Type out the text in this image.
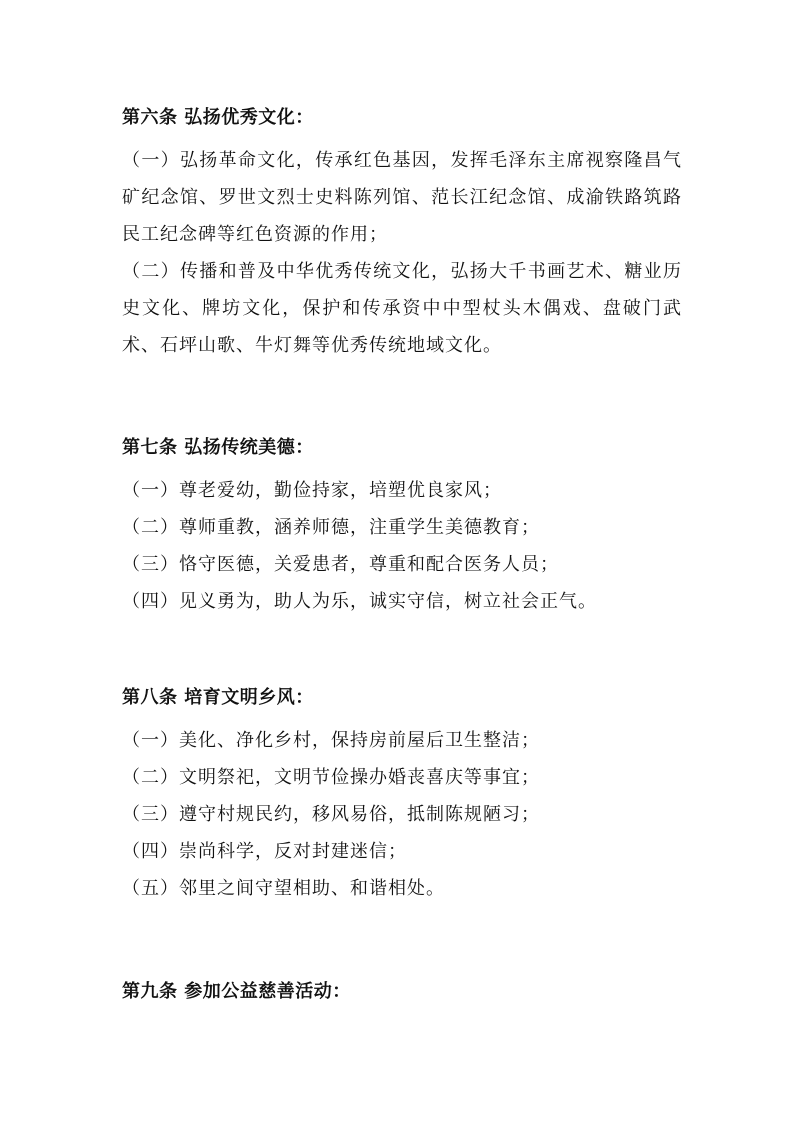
第六条 弘扬优秀文化：

（一）弘扬革命文化，传承红色基因，发挥毛泽东主席视察隆昌气矿纪念馆、罗世文烈士史料陈列馆、范长江纪念馆、成渝铁路筑路民工纪念碑等红色资源的作用；

（二）传播和普及中华优秀传统文化，弘扬大千书画艺术、糖业历史文化、牌坊文化，保护和传承资中中型杖头木偶戏、盘破门武术、石坪山歌、牛灯舞等优秀传统地域文化。

第七条 弘扬传统美德：

（一）尊老爱幼，勤俭持家，培塑优良家风；

（二）尊师重教，涵养师德，注重学生美德教育；

（三）恪守医德，关爱患者，尊重和配合医务人员；

（四）见义勇为，助人为乐，诚实守信，树立社会正气。

第八条 培育文明乡风：

（一）美化、净化乡村，保持房前屋后卫生整洁；

（二）文明祭祀，文明节俭操办婚丧喜庆等事宜；

（三）遵守村规民约，移风易俗，抵制陈规陋习；

（四）崇尚科学，反对封建迷信；

（五）邻里之间守望相助、和谐相处。

第九条 参加公益慈善活动：
